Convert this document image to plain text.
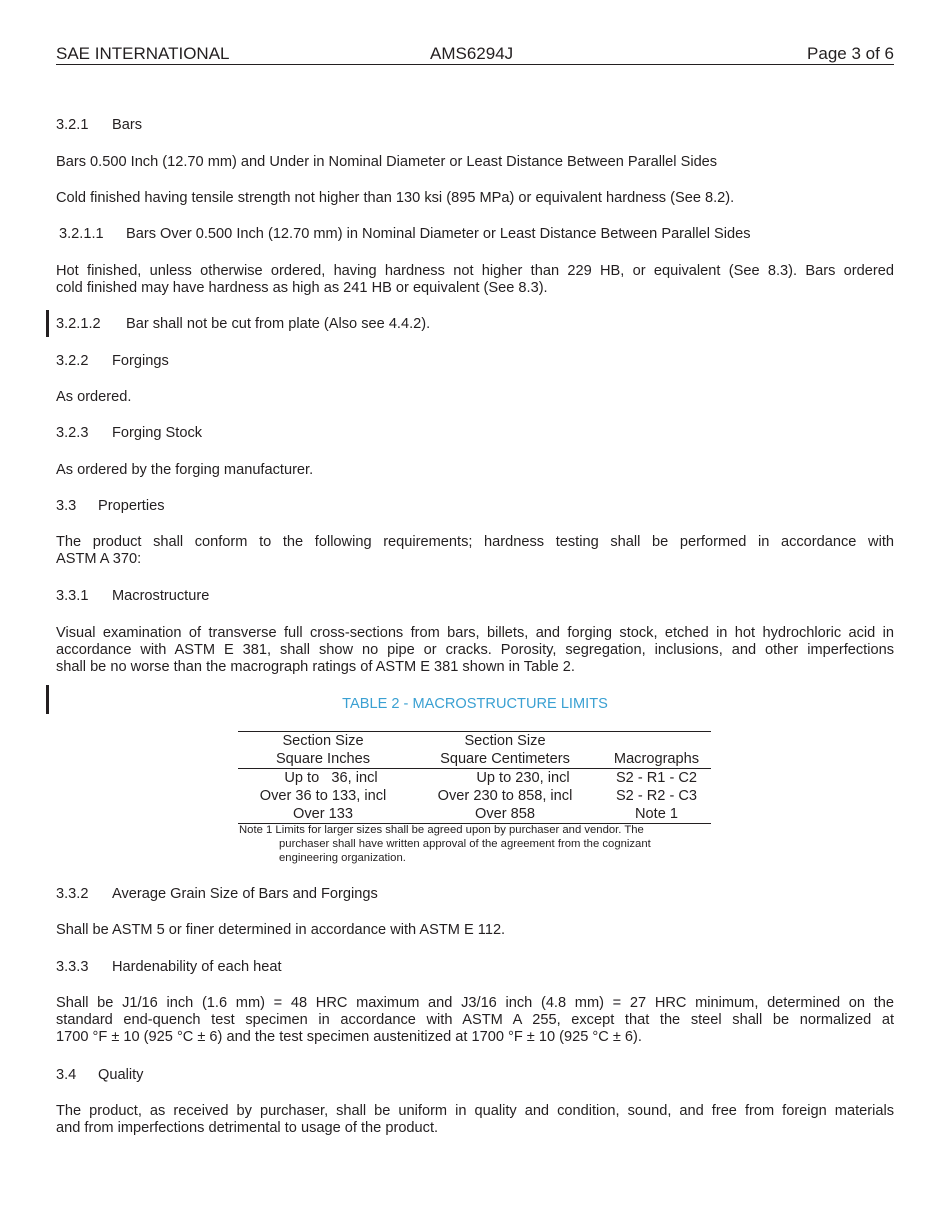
SAE INTERNATIONAL	AMS6294J	Page 3 of 6
3.2.1 Bars
Bars 0.500 Inch (12.70 mm) and Under in Nominal Diameter or Least Distance Between Parallel Sides
Cold finished having tensile strength not higher than 130 ksi (895 MPa) or equivalent hardness (See 8.2).
3.2.1.1 Bars Over 0.500 Inch (12.70 mm) in Nominal Diameter or Least Distance Between Parallel Sides
Hot finished, unless otherwise ordered, having hardness not higher than 229 HB, or equivalent (See 8.3). Bars ordered
cold finished may have hardness as high as 241 HB or equivalent (See 8.3).
3.2.1.2 Bar shall not be cut from plate (Also see 4.4.2).
3.2.2 Forgings
As ordered.
3.2.3 Forging Stock
As ordered by the forging manufacturer.
3.3 Properties
The product shall conform to the following requirements; hardness testing shall be performed in accordance with
ASTM A 370:
3.3.1 Macrostructure
Visual examination of transverse full cross-sections from bars, billets, and forging stock, etched in hot hydrochloric acid in
accordance with ASTM E 381, shall show no pipe or cracks. Porosity, segregation, inclusions, and other imperfections
shall be no worse than the macrograph ratings of ASTM E 381 shown in Table 2.
TABLE 2 - MACROSTRUCTURE LIMITS
Section Size	Section Size
Square Inches	Square Centimeters	Macrographs
Up to   36, incl	Up to 230, incl	S2 - R1 - C2
Over 36 to 133, incl	Over 230 to 858, incl	S2 - R2 - C3
Over 133	Over 858	Note 1
Note 1 Limits for larger sizes shall be agreed upon by purchaser and vendor. The
purchaser shall have written approval of the agreement from the cognizant
engineering organization.
3.3.2 Average Grain Size of Bars and Forgings
Shall be ASTM 5 or finer determined in accordance with ASTM E 112.
3.3.3 Hardenability of each heat
Shall be J1/16 inch (1.6 mm) = 48 HRC maximum and J3/16 inch (4.8 mm) = 27 HRC minimum, determined on the
standard end-quench test specimen in accordance with ASTM A 255, except that the steel shall be normalized at
1700 °F ± 10 (925 °C ± 6) and the test specimen austenitized at 1700 °F ± 10 (925 °C ± 6).
3.4 Quality
The product, as received by purchaser, shall be uniform in quality and condition, sound, and free from foreign materials
and from imperfections detrimental to usage of the product.
